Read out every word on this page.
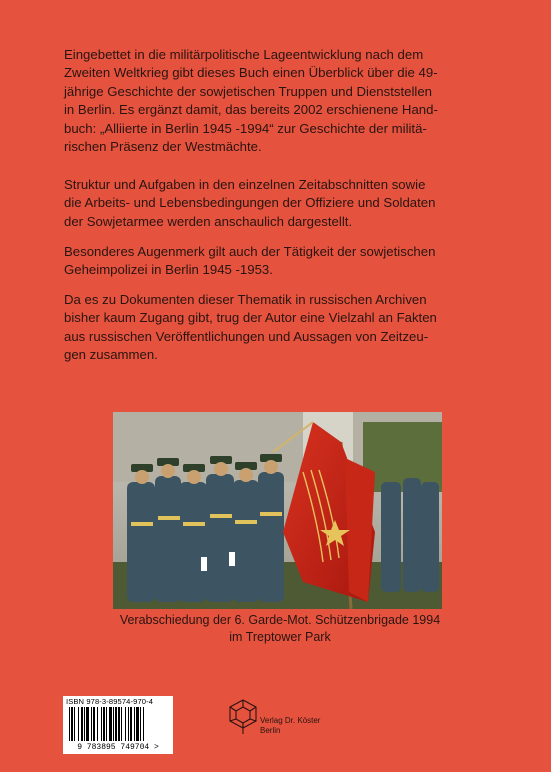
Eingebettet in die militärpolitische Lageentwicklung nach dem
Zweiten Weltkrieg gibt dieses Buch einen Überblick über die 49-
jährige Geschichte der sowjetischen Truppen und Dienststellen
in Berlin. Es ergänzt damit, das bereits 2002 erschienene Hand-
buch: „Alliierte in Berlin 1945 -1994“ zur Geschichte der militä-
rischen Präsenz der Westmächte.

Struktur und Aufgaben in den einzelnen Zeitabschnitten sowie
die Arbeits- und Lebensbedingungen der Offiziere und Soldaten
der Sowjetarmee werden anschaulich dargestellt.

Besonderes Augenmerk gilt auch der Tätigkeit der sowjetischen
Geheimpolizei in Berlin 1945 -1953.

Da es zu Dokumenten dieser Thematik in russischen Archiven
bisher kaum Zugang gibt, trug der Autor eine Vielzahl an Fakten
aus russischen Veröffentlichungen und Aussagen von Zeitzeu-
gen zusammen.

Verabschiedung der 6. Garde-Mot. Schützenbrigade 1994

im Treptower Park

ISBN 978-3-89574-970-4
9 783895 749704 >
Verlag Dr. Köster
Berlin
